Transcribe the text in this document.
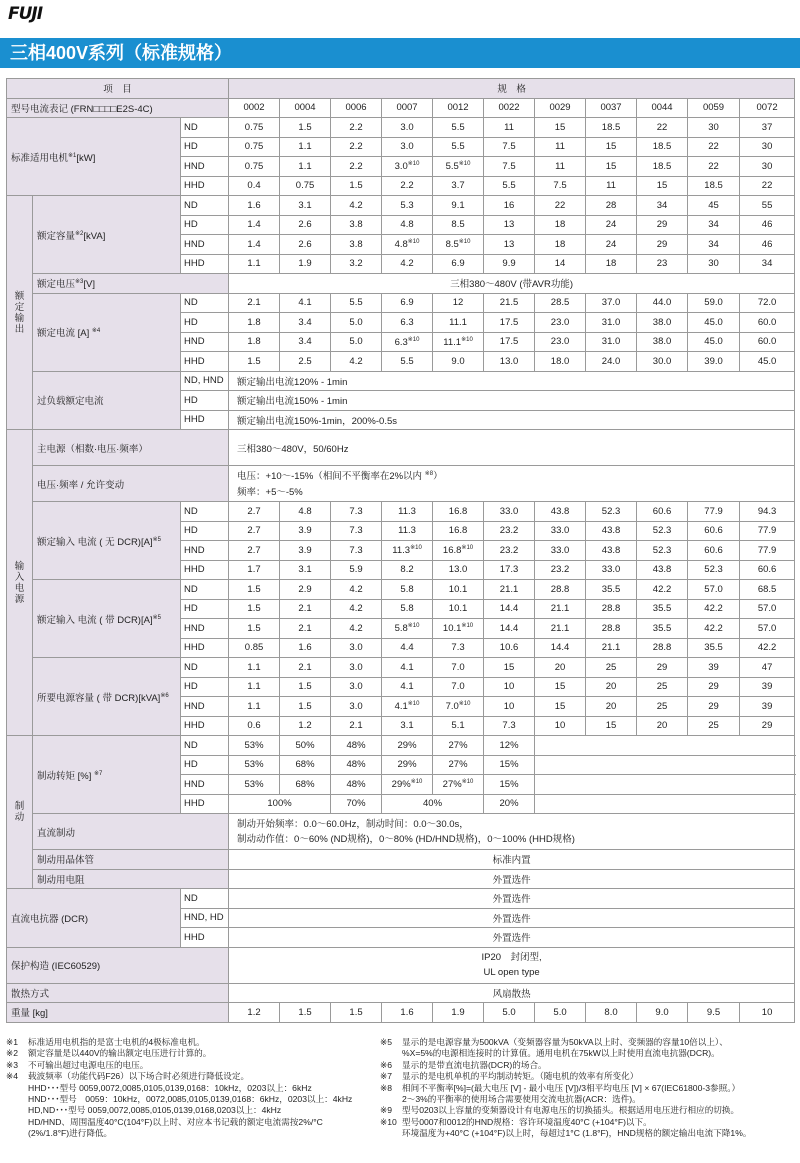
FUJI
三相400V系列（标准规格）
项　目			规　格										
型号电流表记 (FRN□□□□E2S-4C)			0002	0004	0006	0007	0012	0022	0029	0037	0044	0059	0072
标准适用电机$^{※1}$[kW]		ND	0.75	1.5	2.2	3.0	5.5	11	15	18.5	22	30	37
		HD	0.75	1.1	2.2	3.0	5.5	7.5	11	15	18.5	22	30
		HND	0.75	1.1	2.2	3.0$^{※10}$	5.5$^{※10}$	7.5	11	15	18.5	22	30
		HHD	0.4	0.75	1.5	2.2	3.7	5.5	7.5	11	15	18.5	22
额
定
输
出	额定容量$^{※2}$[kVA]	ND	1.6	3.1	4.2	5.3	9.1	16	22	28	34	45	55
		HD	1.4	2.6	3.8	4.8	8.5	13	18	24	29	34	46
		HND	1.4	2.6	3.8	4.8$^{※10}$	8.5$^{※10}$	13	18	24	29	34	46
		HHD	1.1	1.9	3.2	4.2	6.9	9.9	14	18	23	30	34
	额定电压$^{※3}$[V]		三相380～480V (带AVR功能)										
	额定电流 [A] $^{※4}$	ND	2.1	4.1	5.5	6.9	12	21.5	28.5	37.0	44.0	59.0	72.0
		HD	1.8	3.4	5.0	6.3	11.1	17.5	23.0	31.0	38.0	45.0	60.0
		HND	1.8	3.4	5.0	6.3$^{※10}$	11.1$^{※10}$	17.5	23.0	31.0	38.0	45.0	60.0
		HHD	1.5	2.5	4.2	5.5	9.0	13.0	18.0	24.0	30.0	39.0	45.0
	过负载额定电流	ND, HND	额定输出电流120% - 1min										
		HD	额定输出电流150% - 1min										
		HHD	额定输出电流150%-1min，200%-0.5s										
输
入
电
源	主电源（相数·电压·频率）		三相380～480V，50/60Hz										
	电压·频率 / 允许变动		电压：+10～-15%（相间不平衡率在2%以内 $^{※8}$）
频率：+5～-5%										

	额定输入 电流 ( 无 $DCR)[A]^{※5}$	ND	2.7	4.8	7.3	11.3	16.8	33.0	43.8	52.3	60.6	77.9	94.3
		HD	2.7	3.9	7.3	11.3	16.8	23.2	33.0	43.8	52.3	60.6	77.9
		HND	2.7	3.9	7.3	11.3$^{※10}$	16.8$^{※10}$	23.2	33.0	43.8	52.3	60.6	77.9
		HHD	1.7	3.1	5.9	8.2	13.0	17.3	23.2	33.0	43.8	52.3	60.6
	额定输入 电流 ( 带 $DCR)[A]^{※5}$	ND	1.5	2.9	4.2	5.8	10.1	21.1	28.8	35.5	42.2	57.0	68.5
		HD	1.5	2.1	4.2	5.8	10.1	14.4	21.1	28.8	35.5	42.2	57.0
		HND	1.5	2.1	4.2	5.8$^{※10}$	10.1$^{※10}$	14.4	21.1	28.8	35.5	42.2	57.0
		HHD	0.85	1.6	3.0	4.4	7.3	10.6	14.4	21.1	28.8	35.5	42.2
	所要电源容量 ( 带 DCR)[kVA]$^{※6}$	ND	1.1	2.1	3.0	4.1	7.0	15	20	25	29	39	47
		HD	1.1	1.5	3.0	4.1	7.0	10	15	20	25	29	39
		HND	1.1	1.5	3.0	4.1$^{※10}$	7.0$^{※10}$	10	15	20	25	29	39
		HHD	0.6	1.2	2.1	3.1	5.1	7.3	10	15	20	25	29
制
动	制动转矩 [%] $^{※7}$	ND	53%	50%	48%	29%	27%	12%					
		HD	53%	68%	48%	29%	27%	15%					
		HND	53%	68%	48%	29%$^{※10}$	27%$^{※10}$	15%					
		HHD	100%		70%	40%		20%					
	直流制动		制动开始频率：0.0～60.0Hz，制动时间：0.0～30.0s，
制动动作值：0～60% (ND规格)，0～80% (HD/HND规格)，0～100% (HHD规格)										

	制动用晶体管		标准内置										
	制动用电阻		外置选件										
直流电抗器 (DCR)		ND	外置选件										
		HND, HD	外置选件										
		HHD	外置选件										
保护构造 (IEC60529)			IP20　封闭型,
UL open type										

散热方式			风扇散热										
重量 [kg]			1.2	1.5	1.5	1.6	1.9	5.0	5.0	8.0	9.0	9.5	10
※1 标准适用电机指的是富士电机的4极标准电机。
※2 额定容量是以440V的输出额定电压进行计算的。
※3 不可输出超过电源电压的电压。
※4 载波频率（功能代码F26）以下场合时必须进行降低设定。
HHD･･･型号 0059,0072,0085,0105,0139,0168：10kHz，0203以上：6kHz
HND･･･型号　0059：10kHz，0072,0085,0105,0139,0168：6kHz，0203以上：4kHz
HD,ND･･･型号 0059,0072,0085,0105,0139,0168,0203以上：4kHz
HD/HND、周围温度40°C(104°F)以上时、对应本书记载的额定电流需按2%/°C
(2%/1.8°F)进行降低。
※5 显示的是电源容量为500kVA（变频器容量为50kVA以上时、变频器的容量10倍以上）、
%X=5%的电源相连接时的计算值。通用电机在75kW以上时使用直流电抗器(DCR)。
※6 显示的是带直流电抗器(DCR)的场合。
※7 显示的是电机单机的平均制动转矩。（随电机的效率有所变化）
※8 相间不平衡率[%]=(最大电压 [V] - 最小电压 [V])/3相平均电压 [V] × 67(IEC61800-3参照。）
2～3%的平衡率的使用场合需要使用交流电抗器(ACR：选件)。
※9 型号0203以上容量的变频器设计有电源电压的切换插头。根据适用电压进行相应的切换。
※10 型号0007和0012的HND规格：容许环境温度40°C (+104°F)以下。
环境温度为+40°C (+104°F)以上时，每超过1°C (1.8°F)，HND规格的额定输出电流下降1%。
